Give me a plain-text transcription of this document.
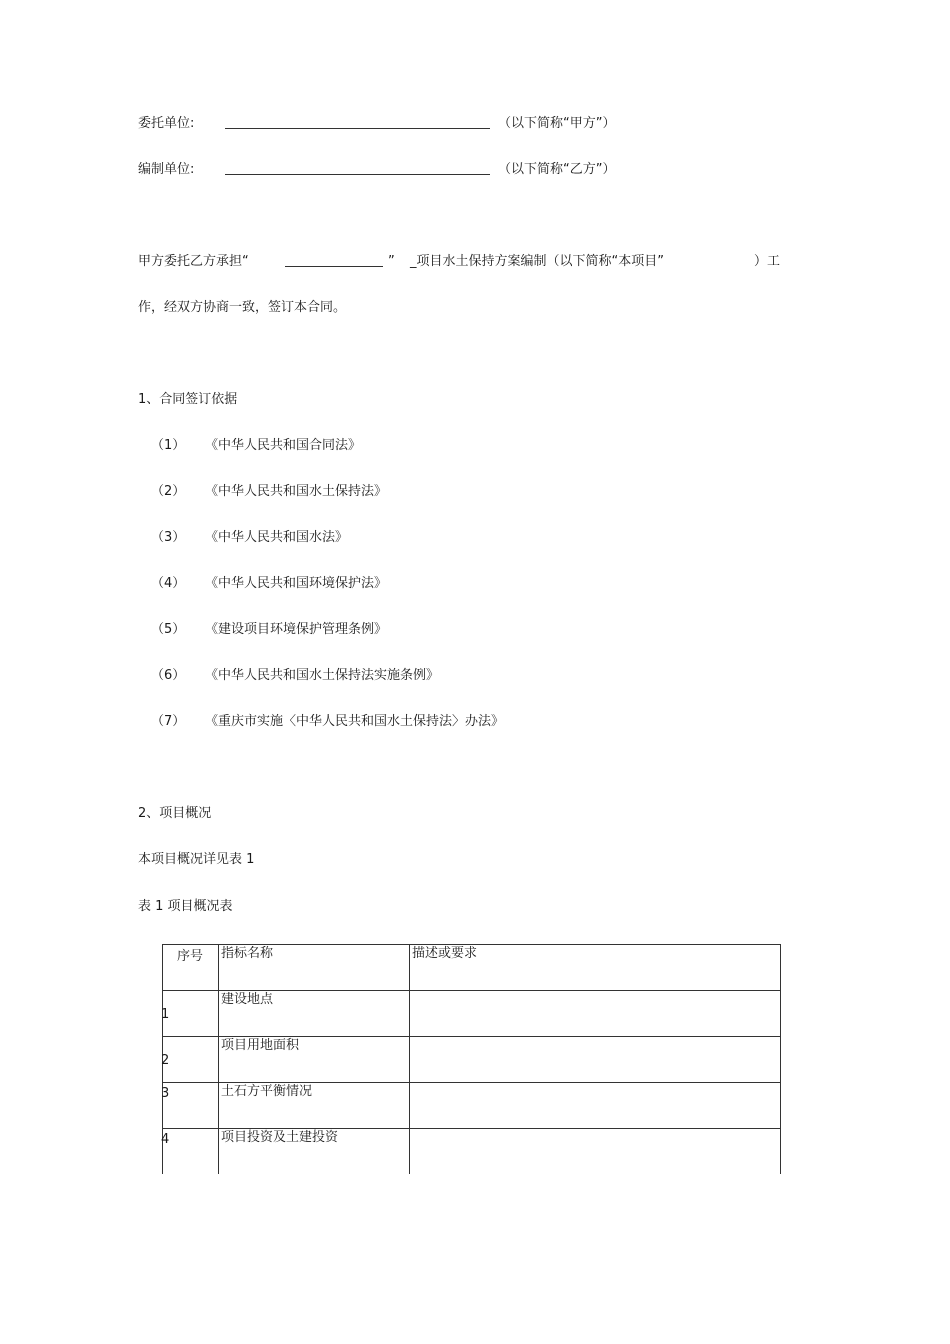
委托单位:	（以下简称“甲方”）
编制单位:	（以下简称“乙方”）
甲方委托乙方承担“	” _项目水土保持方案编制（以下简称“本项目”	）工
作，经双方协商一致，签订本合同。
1、合同签订依据
（1） 《中华人民共和国合同法》
（2） 《中华人民共和国水土保持法》
（3） 《中华人民共和国水法》
（4） 《中华人民共和国环境保护法》
（5） 《建设项目环境保护管理条例》
（6） 《中华人民共和国水土保持法实施条例》
（7） 《重庆市实施〈中华人民共和国水土保持法〉办法》
2、项目概况
本项目概况详见表 1
表 1 项目概况表
序号	指标名称	描述或要求

1	建设地点	

2	项目用地面积	

3	土石方平衡情况	

4	项目投资及土建投资	
